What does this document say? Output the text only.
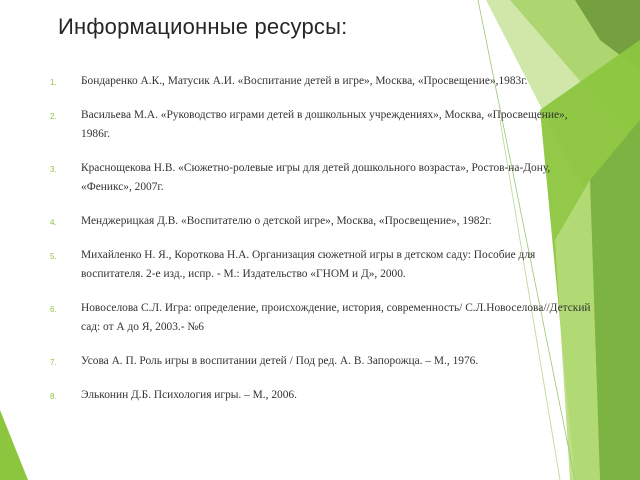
Информационные ресурсы:
1. Бондаренко А.К., Матусик А.И. «Воспитание детей в игре», Москва, «Просвещение»,1983г.
2. Васильева М.А. «Руководство играми детей в дошкольных учреждениях», Москва, «Просвещение», 1986г.
3. Краснощекова Н.В. «Сюжетно-ролевые игры для детей дошкольного возраста», Ростов-на-Дону, «Феникс», 2007г.
4. Менджерицкая Д.В. «Воспитателю о детской игре», Москва, «Просвещение», 1982г.
5. Михайленко Н. Я., Короткова Н.А. Организация сюжетной игры в детском саду: Пособие для воспитателя. 2-е изд., испр. - М.: Издательство «ГНОМ и Д», 2000.
6. Новоселова С.Л. Игра: определение, происхождение, история, современность/ С.Л.Новоселова//Детский сад: от А до Я, 2003.- №6
7. Усова А. П. Роль игры в воспитании детей / Под ред. А. В. Запорожца. – М., 1976.
8. Эльконин Д.Б. Психология игры. – М., 2006.
